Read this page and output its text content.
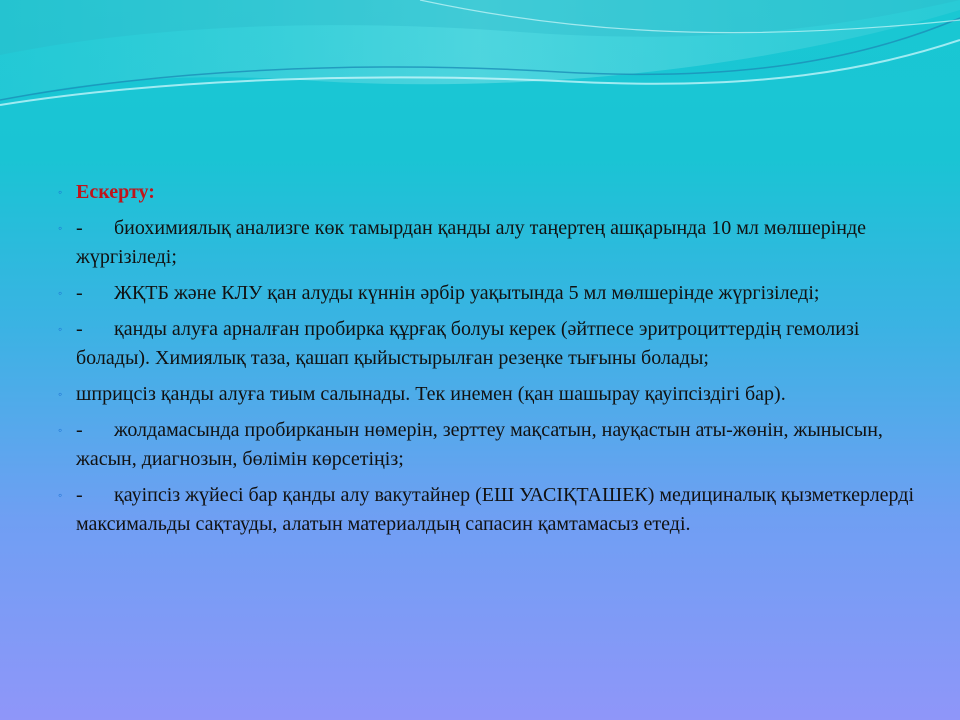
◦ Ескерту:
◦ - биохимиялық анализге көк тамырдан қанды алу таңертең ашқарында 10 мл мөлшерінде жүргізіледі;
◦ - ЖҚТБ және КЛУ қан алуды күннін әрбір уақытында 5 мл мөлшерінде жүргізіледі;
◦ - қанды алуға арналған пробирка құрғақ болуы керек (әйтпесе эритроциттердің гемолизі болады). Химиялық таза, қашап қыйыстырылған резеңке тығыны болады;
◦ шприцсіз қанды алуға тиым салынады. Тек инемен (қан шашырау қауіпсіздігі бар).
◦ - жолдамасында пробирканын нөмерін, зерттеу мақсатын, науқастын аты-жөнін, жынысын, жасын, диагнозын, бөлімін көрсетіңіз;
◦ - қауіпсіз жүйесі бар қанды алу вакутайнер (ЕШ УАСІҚТАШЕК) медициналық қызметкерлерді максимальды сақтауды, алатын материалдың сапасин қамтамасыз етеді.
